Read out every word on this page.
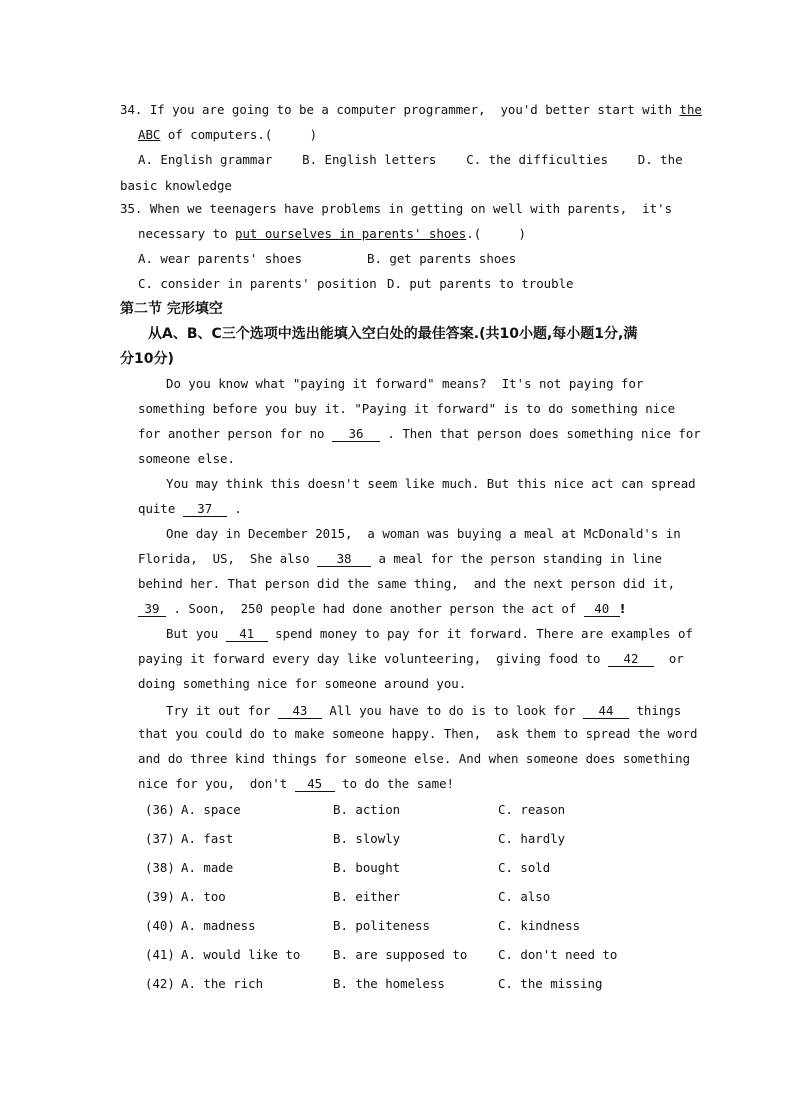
34. If you are going to be a computer programmer,  you'd better start with the
ABC of computers.(     )
A. English grammar    B. English letters    C. the difficulties    D. the
basic knowledge
35. When we teenagers have problems in getting on well with parents,  it's
necessary to put ourselves in parents' shoes.(     )
A. wear parents' shoes	B. get parents shoes
C. consider in parents' position D. put parents to trouble
第二节 完形填空
从A、B、C三个选项中选出能填入空白处的最佳答案.(共10小题,每小题1分,满
分10分)
Do you know what "paying it forward" means?  It's not paying for
something before you buy it. "Paying it forward" is to do something nice
for another person for no 36 . Then that person does something nice for
someone else.
You may think this doesn't seem like much. But this nice act can spread
quite 37 .
One day in December 2015,  a woman was buying a meal at McDonald's in
Florida,  US,  She also 38 a meal for the person standing in line
behind her. That person did the same thing,  and the next person did it,
39 . Soon,  250 people had done another person the act of 40 !
But you 41 spend money to pay for it forward. There are examples of
paying it forward every day like volunteering,  giving food to 42  or
doing something nice for someone around you.
Try it out for 43 All you have to do is to look for 44 things
that you could do to make someone happy. Then,  ask them to spread the word
and do three kind things for someone else. And when someone does something
nice for you,  don't 45 to do the same!
(36) A. space	B. action	C. reason
(37) A. fast	B. slowly	C. hardly
(38) A. made	B. bought	C. sold
(39) A. too	B. either	C. also
(40) A. madness	B. politeness	C. kindness
(41) A. would like to	B. are supposed to C. don't need to
(42) A. the rich	B. the homeless	C. the missing
